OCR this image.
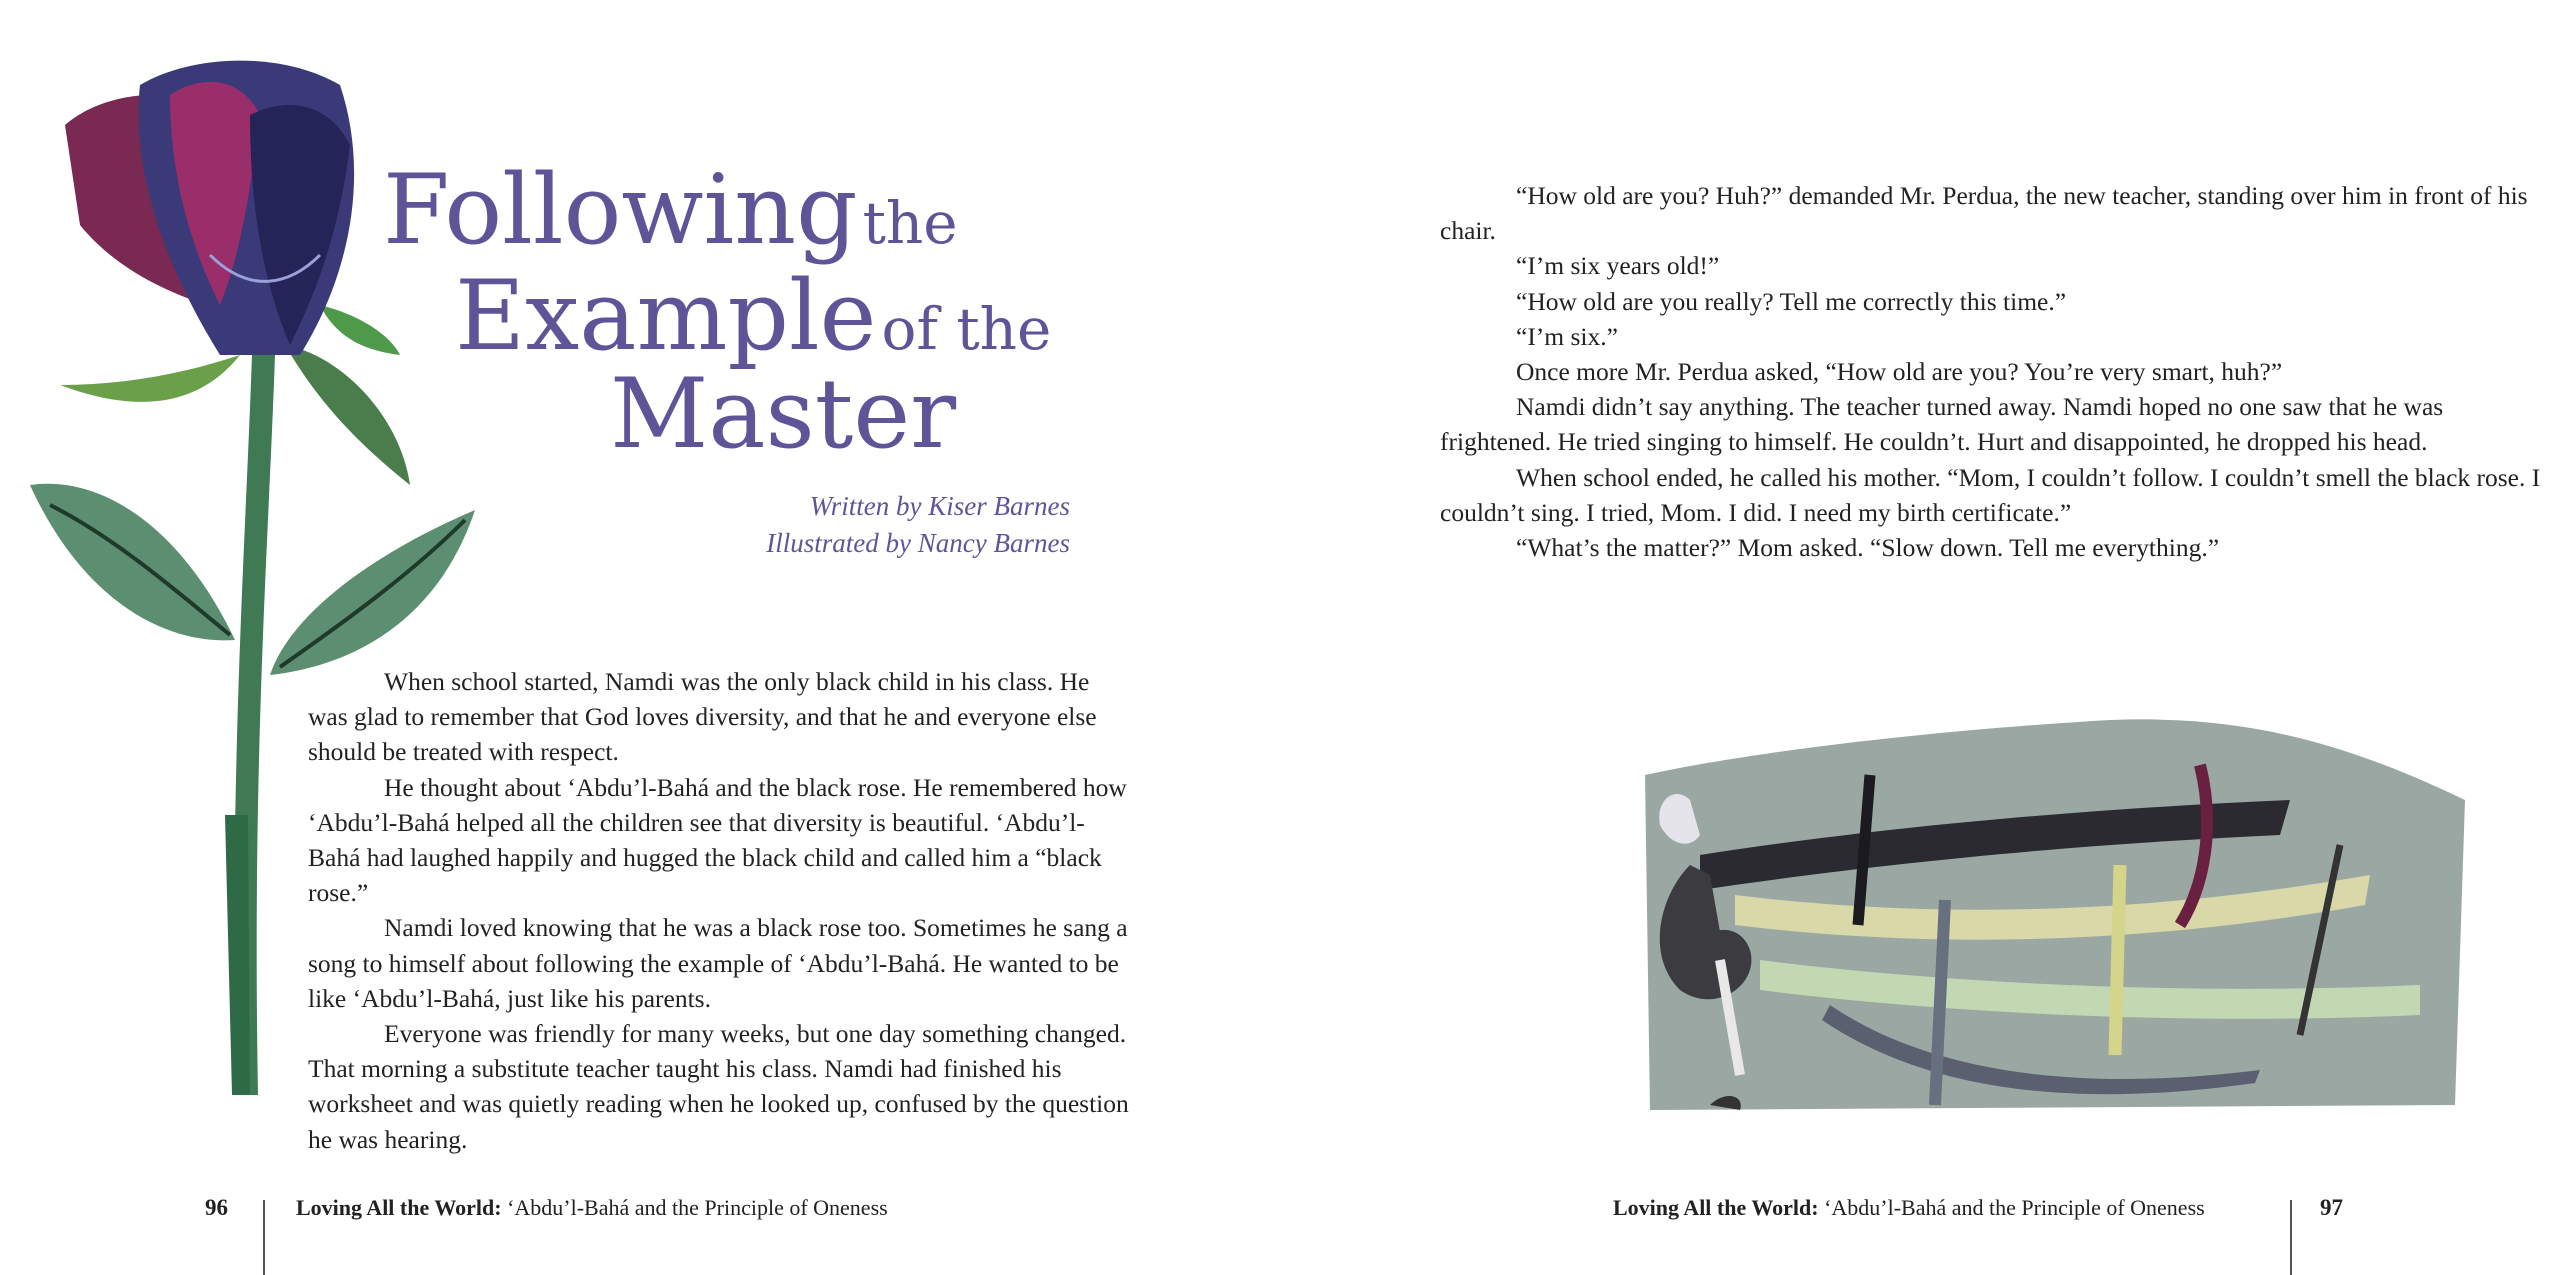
Following the
Example of the
Master
Written by Kiser Barnes
Illustrated by Nancy Barnes

When school started, Namdi was the only black child in his class. He was glad to remember that God loves diversity, and that he and everyone else should be treated with respect.

He thought about ‘Abdu’l-Bahá and the black rose. He remembered how ‘Abdu’l-Bahá helped all the children see that diversity is beautiful. ‘Abdu’l-Bahá had laughed happily and hugged the black child and called him a “black rose.”

Namdi loved knowing that he was a black rose too. Sometimes he sang a song to himself about following the example of ‘Abdu’l-Bahá. He wanted to be like ‘Abdu’l-Bahá, just like his parents.

Everyone was friendly for many weeks, but one day something changed. That morning a substitute teacher taught his class. Namdi had finished his worksheet and was quietly reading when he looked up, confused by the question he was hearing.

96	Loving All the World: ‘Abdu’l-Bahá and the Principle of Oneness

“How old are you? Huh?” demanded Mr. Perdua, the new teacher, standing over him in front of his chair.

“I’m six years old!”

“How old are you really? Tell me correctly this time.”

“I’m six.”

Once more Mr. Perdua asked, “How old are you? You’re very smart, huh?”

Namdi didn’t say anything. The teacher turned away. Namdi hoped no one saw that he was frightened. He tried singing to himself. He couldn’t. Hurt and disappointed, he dropped his head.

When school ended, he called his mother. “Mom, I couldn’t follow. I couldn’t smell the black rose. I couldn’t sing. I tried, Mom. I did. I need my birth certificate.”

“What’s the matter?” Mom asked. “Slow down. Tell me everything.”

Loving All the World: ‘Abdu’l-Bahá and the Principle of Oneness	97
